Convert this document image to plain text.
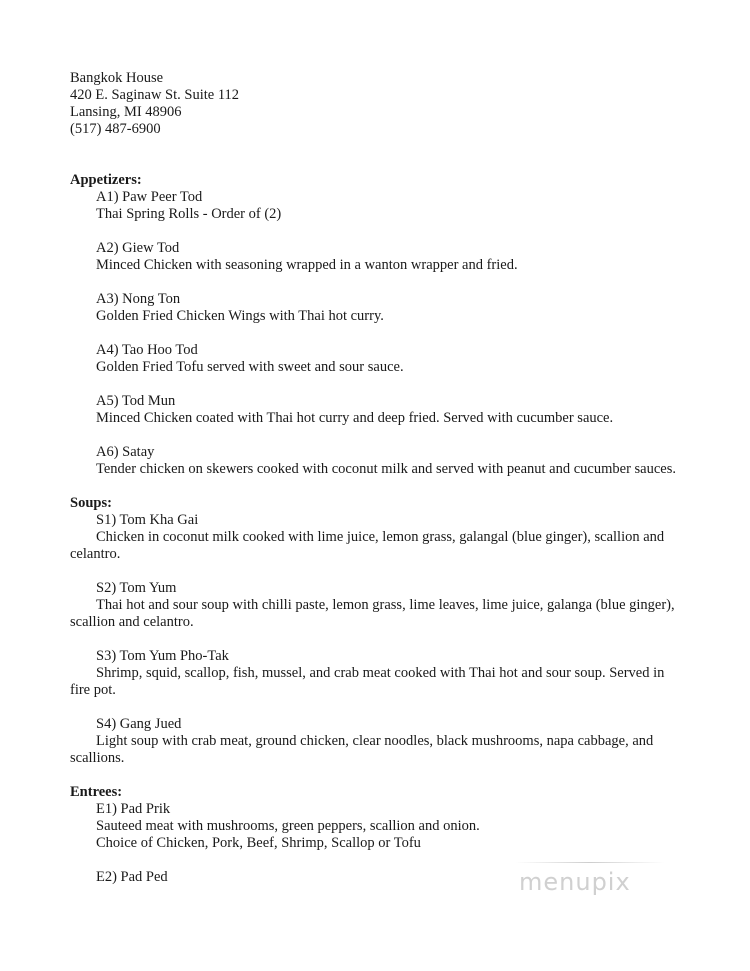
Bangkok House
420 E. Saginaw St. Suite 112
Lansing, MI 48906
(517) 487-6900
Appetizers:
A1) Paw Peer Tod
Thai Spring Rolls - Order of (2)
A2) Giew Tod
Minced Chicken with seasoning wrapped in a wanton wrapper and fried.
A3) Nong Ton
Golden Fried Chicken Wings with Thai hot curry.
A4) Tao Hoo Tod
Golden Fried Tofu served with sweet and sour sauce.
A5) Tod Mun
Minced Chicken coated with Thai hot curry and deep fried. Served with cucumber sauce.
A6) Satay
Tender chicken on skewers cooked with coconut milk and served with peanut and cucumber sauces.
Soups:
S1) Tom Kha Gai
Chicken in coconut milk cooked with lime juice, lemon grass, galangal (blue ginger), scallion and celantro.
S2) Tom Yum
Thai hot and sour soup with chilli paste, lemon grass, lime leaves, lime juice, galanga (blue ginger), scallion and celantro.
S3) Tom Yum Pho-Tak
Shrimp, squid, scallop, fish, mussel, and crab meat cooked with Thai hot and sour soup. Served in fire pot.
S4) Gang Jued
Light soup with crab meat, ground chicken, clear noodles, black mushrooms, napa cabbage, and scallions.
Entrees:
E1) Pad Prik
Sauteed meat with mushrooms, green peppers, scallion and onion.
Choice of Chicken, Pork, Beef, Shrimp, Scallop or Tofu
E2) Pad Ped	menupix
